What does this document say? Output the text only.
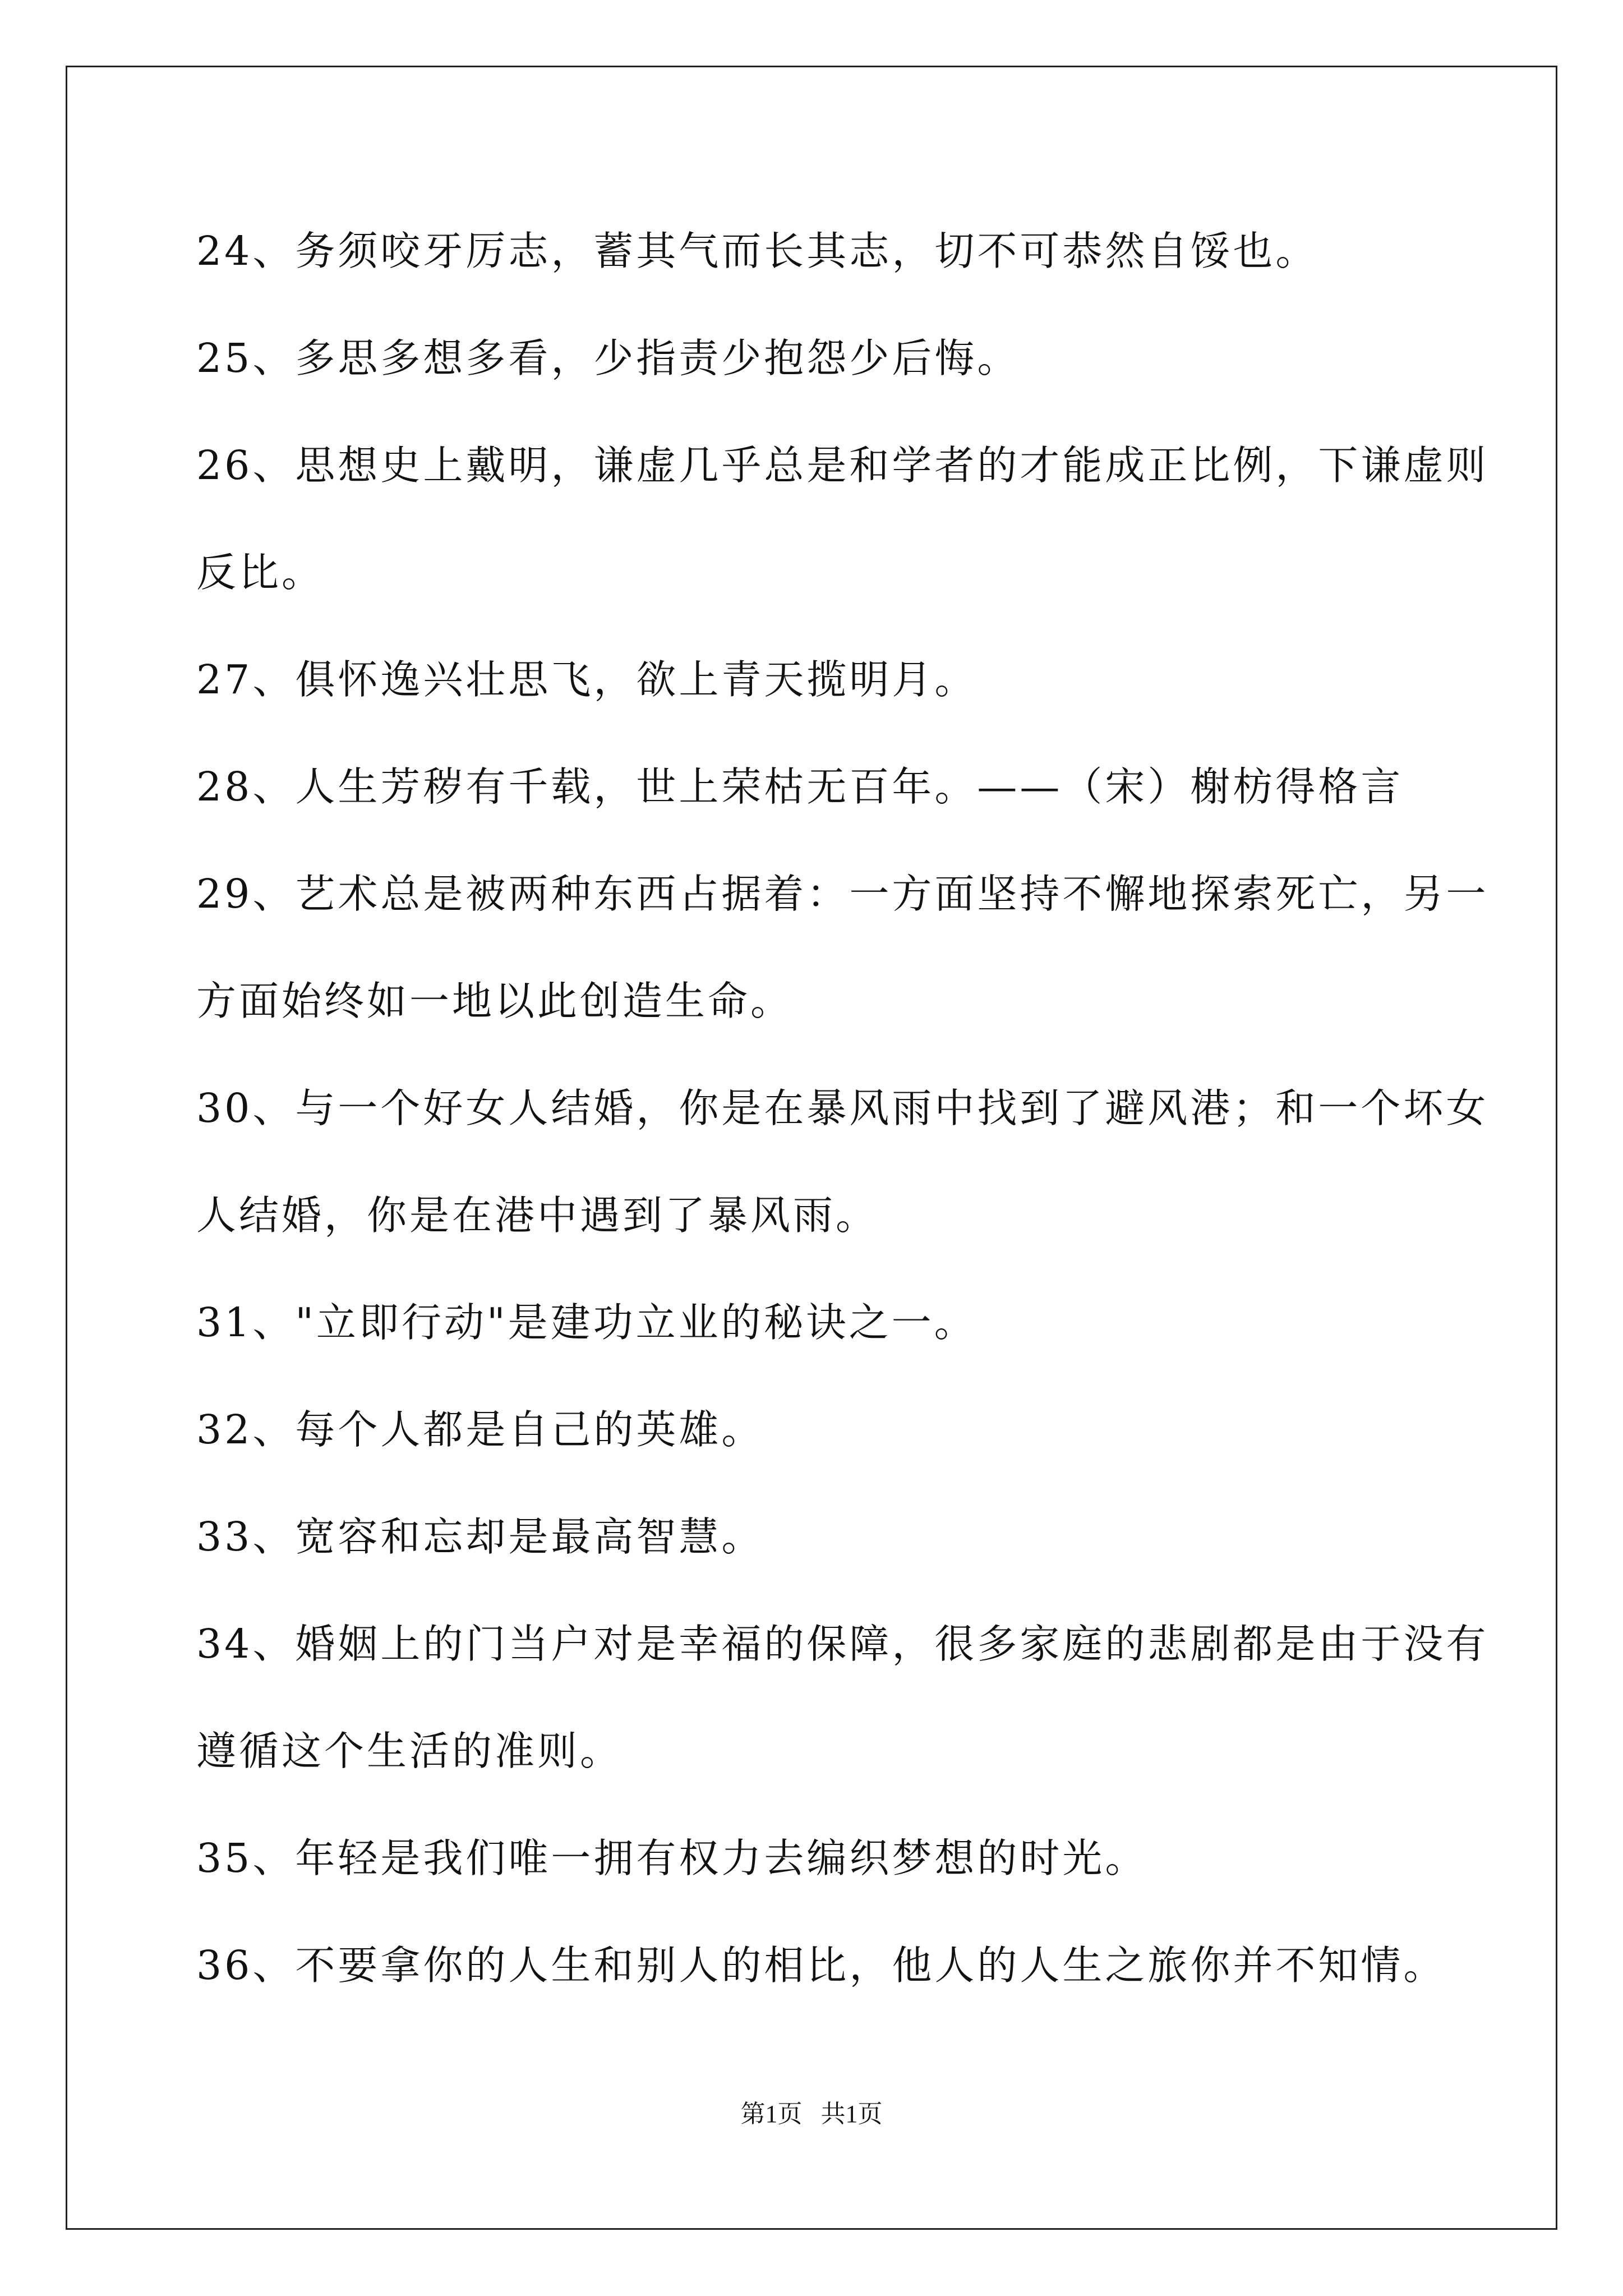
24、务须咬牙厉志，蓄其气而长其志，切不可恭然自馁也。
25、多思多想多看，少指责少抱怨少后悔。
26、思想史上戴明，谦虚几乎总是和学者的才能成正比例，下谦虚则
反比。
27、俱怀逸兴壮思飞，欲上青天揽明月。
28、人生芳秽有千载，世上荣枯无百年。——（宋）榭枋得格言
29、艺术总是被两种东西占据着：一方面坚持不懈地探索死亡，另一
方面始终如一地以此创造生命。
30、与一个好女人结婚，你是在暴风雨中找到了避风港；和一个坏女
人结婚，你是在港中遇到了暴风雨。
31、"立即行动"是建功立业的秘诀之一。
32、每个人都是自己的英雄。
33、宽容和忘却是最高智慧。
34、婚姻上的门当户对是幸福的保障，很多家庭的悲剧都是由于没有
遵循这个生活的准则。
35、年轻是我们唯一拥有权力去编织梦想的时光。
36、不要拿你的人生和别人的相比，他人的人生之旅你并不知情。
第1页   共1页
